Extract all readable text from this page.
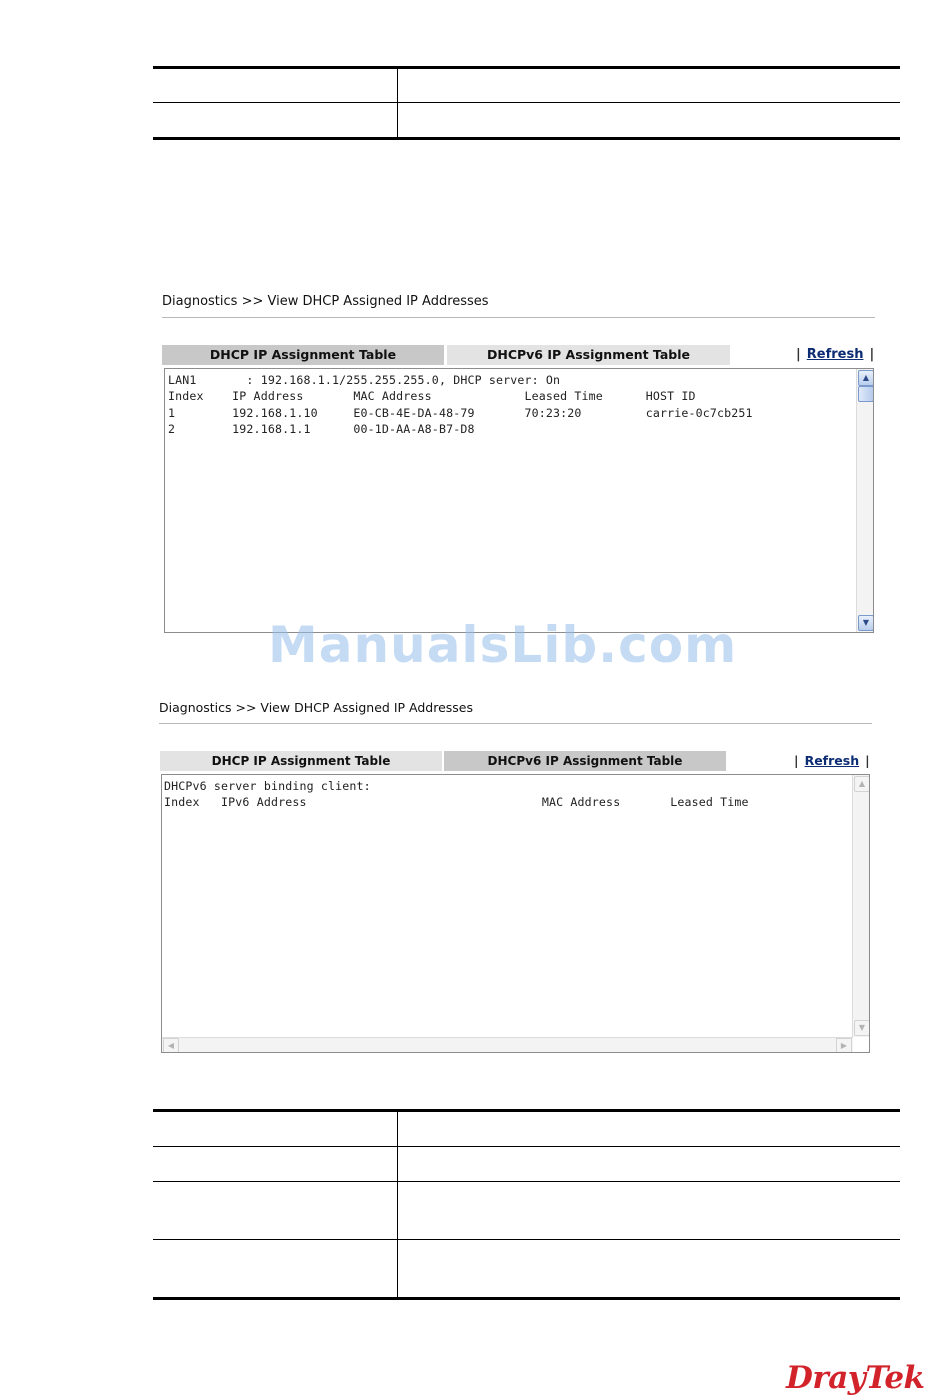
Diagnostics >> View DHCP Assigned IP Addresses
DHCP IP Assignment Table	DHCPv6 IP Assignment Table	| Refresh |
LAN1       : 192.168.1.1/255.255.255.0, DHCP server: On
Index    IP Address       MAC Address             Leased Time      HOST ID
1        192.168.1.10     E0-CB-4E-DA-48-79       70:23:20         carrie-0c7cb251
2        192.168.1.1      00-1D-AA-A8-B7-D8
▲
▼
ManualsLib.com
Diagnostics >> View DHCP Assigned IP Addresses
DHCP IP Assignment Table	DHCPv6 IP Assignment Table	| Refresh |
DHCPv6 server binding client:
Index   IPv6 Address                                 MAC Address       Leased Time
▲
▼
◀	▶
DrayTek
